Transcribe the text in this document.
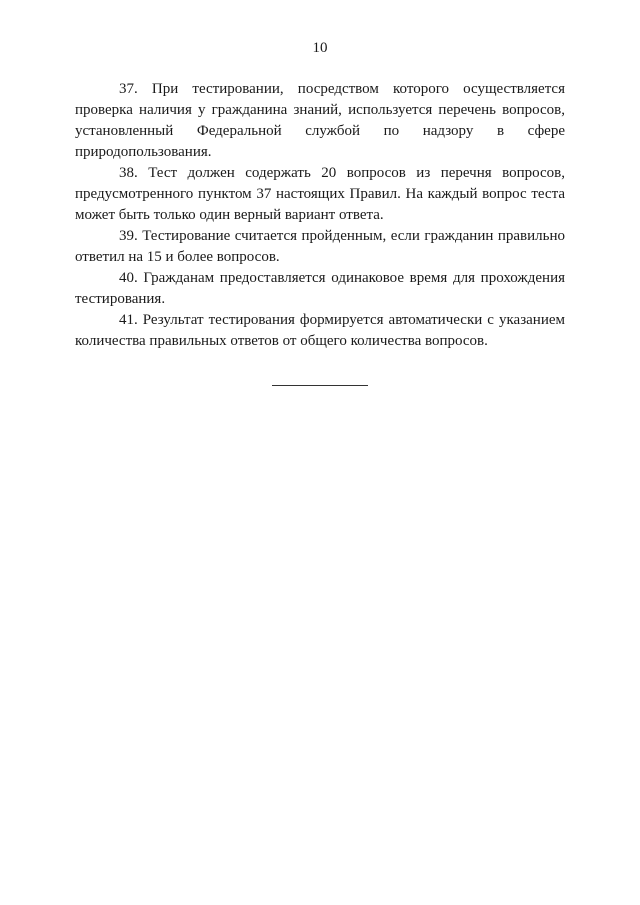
10

37. При тестировании, посредством которого осуществляется проверка наличия у гражданина знаний, используется перечень вопросов, установленный Федеральной службой по надзору в сфере природопользования.

38. Тест должен содержать 20 вопросов из перечня вопросов, предусмотренного пунктом 37 настоящих Правил. На каждый вопрос теста может быть только один верный вариант ответа.

39. Тестирование считается пройденным, если гражданин правильно ответил на 15 и более вопросов.

40. Гражданам предоставляется одинаковое время для прохождения тестирования.

41. Результат тестирования формируется автоматически с указанием количества правильных ответов от общего количества вопросов.
